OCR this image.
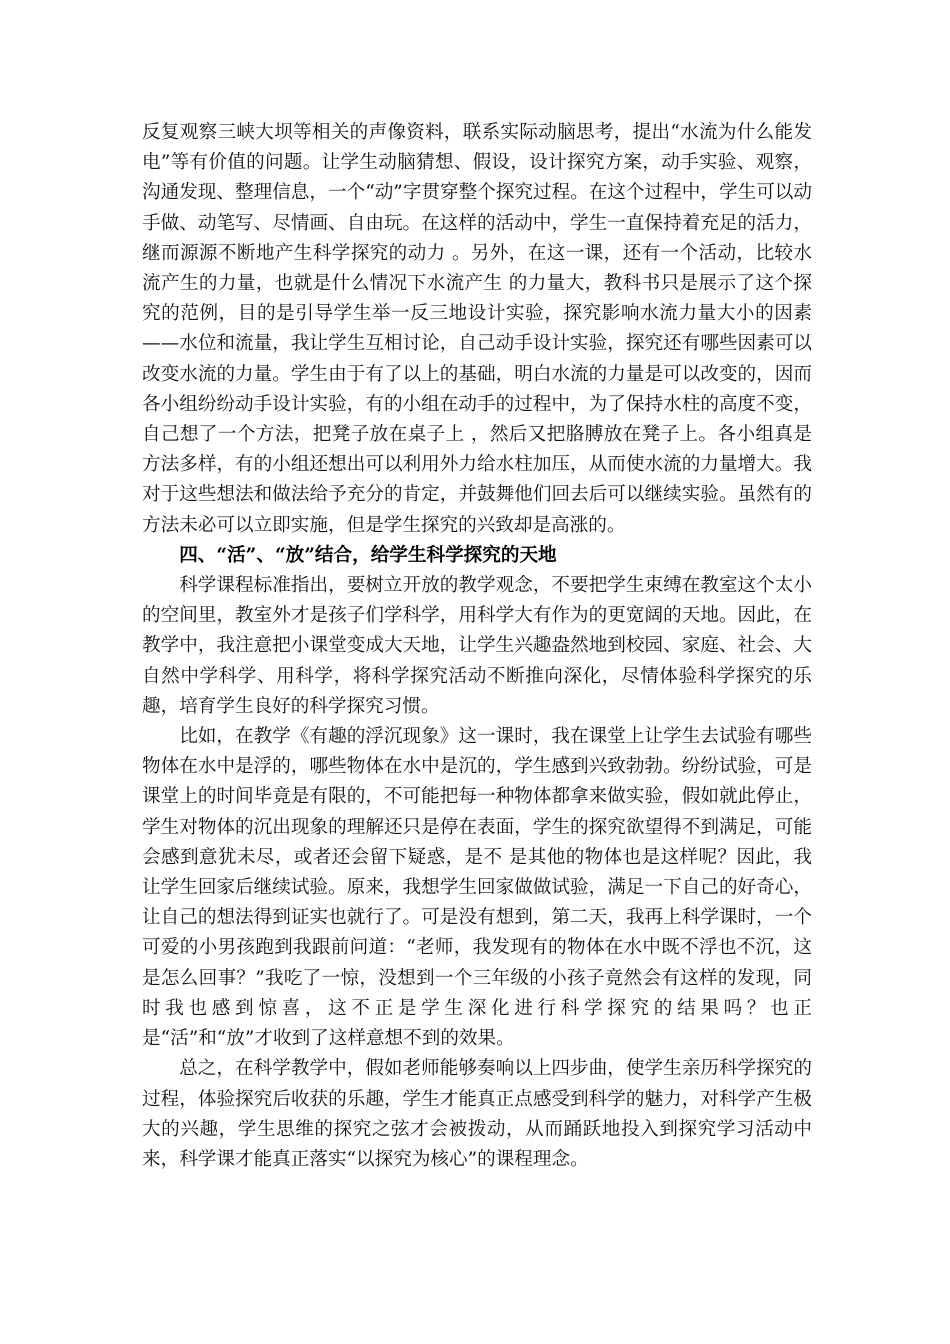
反复观察三峡大坝等相关的声像资料，联系实际动脑思考，提出“水流为什么能发电”等有价值的问题。让学生动脑猜想、假设，设计探究方案，动手实验、观察，沟通发现、整理信息，一个“动”字贯穿整个探究过程。在这个过程中，学生可以动手做、动笔写、尽情画、自由玩。在这样的活动中，学生一直保持着充足的活力，继而源源不断地产生科学探究的动力 。另外，在这一课，还有一个活动，比较水流产生的力量，也就是什么情况下水流产生 的力量大，教科书只是展示了这个探究的范例，目的是引导学生举一反三地设计实验，探究影响水流力量大小的因素——水位和流量，我让学生互相讨论，自己动手设计实验，探究还有哪些因素可以改变水流的力量。学生由于有了以上的基础，明白水流的力量是可以改变的，因而各小组纷纷动手设计实验，有的小组在动手的过程中，为了保持水柱的高度不变，自己想了一个方法，把凳子放在桌子上 ，然后又把胳膊放在凳子上。各小组真是方法多样，有的小组还想出可以利用外力给水柱加压，从而使水流的力量增大。我对于这些想法和做法给予充分的肯定，并鼓舞他们回去后可以继续实验。虽然有的方法未必可以立即实施，但是学生探究的兴致却是高涨的。

四、“活”、“放”结合，给学生科学探究的天地

科学课程标准指出，要树立开放的教学观念，不要把学生束缚在教室这个太小的空间里，教室外才是孩子们学科学，用科学大有作为的更宽阔的天地。因此，在教学中，我注意把小课堂变成大天地，让学生兴趣盎然地到校园、家庭、社会、大自然中学科学、用科学，将科学探究活动不断推向深化，尽情体验科学探究的乐趣，培育学生良好的科学探究习惯。

比如，在教学《有趣的浮沉现象》这一课时，我在课堂上让学生去试验有哪些物体在水中是浮的，哪些物体在水中是沉的，学生感到兴致勃勃。纷纷试验，可是课堂上的时间毕竟是有限的，不可能把每一种物体都拿来做实验，假如就此停止，学生对物体的沉出现象的理解还只是停在表面，学生的探究欲望得不到满足，可能会感到意犹未尽，或者还会留下疑惑，是不 是其他的物体也是这样呢？因此，我让学生回家后继续试验。原来，我想学生回家做做试验，满足一下自己的好奇心，让自己的想法得到证实也就行了。可是没有想到，第二天，我再上科学课时，一个可爱的小男孩跑到我跟前问道：“老师，我发现有的物体在水中既不浮也不沉，这是怎么回事？”我吃了一惊，没想到一个三年级的小孩子竟然会有这样的发现，同时我也感到惊喜，这不正是学生深化进行科学探究的结果吗？也正是“活”和“放”才收到了这样意想不到的效果。

总之，在科学教学中，假如老师能够奏响以上四步曲，使学生亲历科学探究的过程，体验探究后收获的乐趣，学生才能真正点感受到科学的魅力，对科学产生极大的兴趣，学生思维的探究之弦才会被拨动，从而踊跃地投入到探究学习活动中来，科学课才能真正落实“以探究为核心”的课程理念。
